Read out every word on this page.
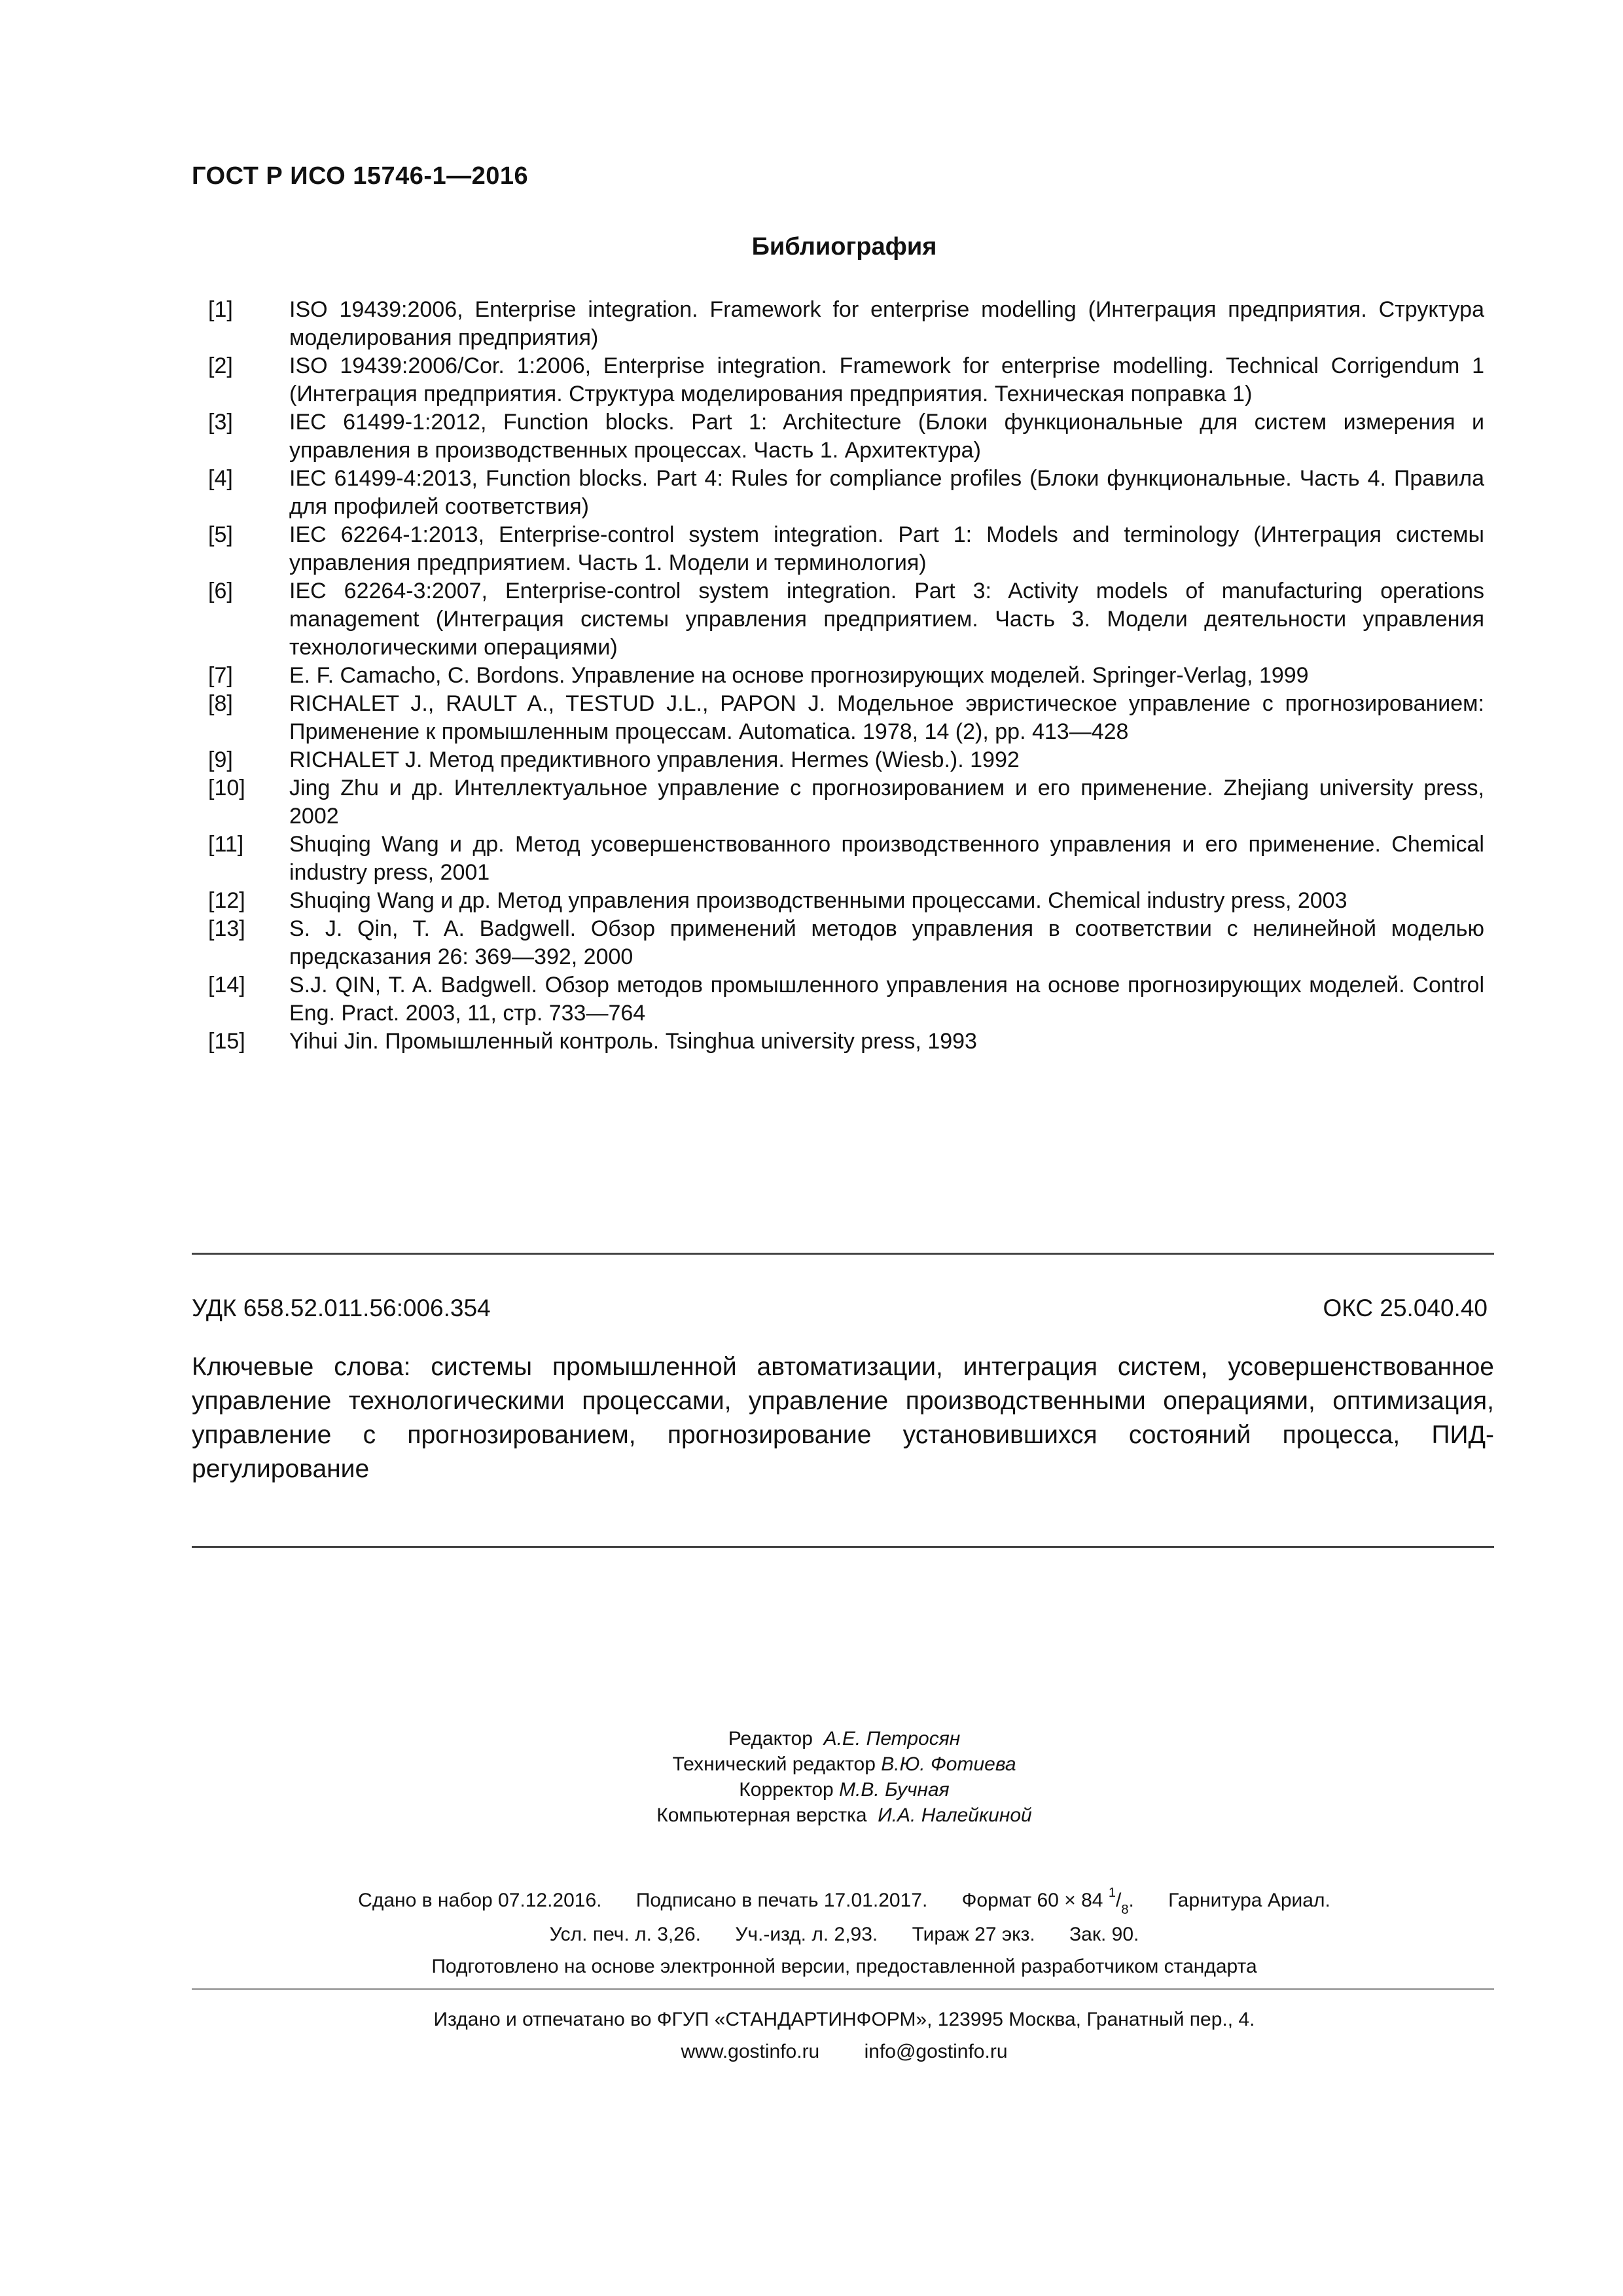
ГОСТ Р ИСО 15746-1—2016
Библиография
[1]	ISO 19439:2006, Enterprise integration. Framework for enterprise modelling (Интеграция предприятия. Структура моделирования предприятия)
[2]	ISO 19439:2006/Cor. 1:2006, Enterprise integration. Framework for enterprise modelling. Technical Corrigendum 1 (Интеграция предприятия. Структура моделирования предприятия. Техническая поправка 1)
[3]	IEC 61499-1:2012, Function blocks. Part 1: Architecture (Блоки функциональные для систем измерения и управления в производственных процессах. Часть 1. Архитектура)
[4]	IEC 61499-4:2013, Function blocks. Part 4: Rules for compliance profiles (Блоки функциональные. Часть 4. Правила для профилей соответствия)
[5]	IEC 62264-1:2013, Enterprise-control system integration. Part 1: Models and terminology (Интеграция системы управления предприятием. Часть 1. Модели и терминология)
[6]	IEC 62264-3:2007, Enterprise-control system integration. Part 3: Activity models of manufacturing operations management (Интеграция системы управления предприятием. Часть 3. Модели деятельности управления технологическими операциями)
[7]	E. F. Camacho, C. Bordons. Управление на основе прогнозирующих моделей. Springer-Verlag, 1999
[8]	RICHALET J., RAULT A., TESTUD J.L., PAPON J. Модельное эвристическое управление с прогнозированием: Применение к промышленным процессам. Automatica. 1978, 14 (2), pp. 413—428
[9]	RICHALET J. Метод предиктивного управления. Hermes (Wiesb.). 1992
[10]	Jing Zhu и др. Интеллектуальное управление с прогнозированием и его применение. Zhejiang university press, 2002
[11]	Shuqing Wang и др. Метод усовершенствованного производственного управления и его применение. Chemical industry press, 2001
[12]	Shuqing Wang и др. Метод управления производственными процессами. Chemical industry press, 2003
[13]	S. J. Qin, T. A. Badgwell. Обзор применений методов управления в соответствии с нелинейной моделью предсказания 26: 369—392, 2000
[14]	S.J. QIN, T. A. Badgwell. Обзор методов промышленного управления на основе прогнозирующих моделей. Control Eng. Pract. 2003, 11, стр. 733—764
[15]	Yihui Jin. Промышленный контроль. Tsinghua university press, 1993
УДК 658.52.011.56:006.354	ОКС 25.040.40
Ключевые слова: системы промышленной автоматизации, интеграция систем, усовершенствованное управление технологическими процессами, управление производственными операциями, оптимизация, управление с прогнозированием, прогнозирование установившихся состояний процесса, ПИД-регулирование
Редактор А.Е. Петросян
Технический редактор В.Ю. Фотиева
Корректор М.В. Бучная
Компьютерная верстка И.А. Налейкиной
Сдано в набор 07.12.2016. Подписано в печать 17.01.2017. Формат 60 × 84 $^1/_8$. Гарнитура Ариал.
Усл. печ. л. 3,26. Уч.-изд. л. 2,93. Тираж 27 экз. Зак. 90.
Подготовлено на основе электронной версии, предоставленной разработчиком стандарта
Издано и отпечатано во ФГУП «СТАНДАРТИНФОРМ», 123995 Москва, Гранатный пер., 4.
www.gostinfo.ru info@gostinfo.ru
